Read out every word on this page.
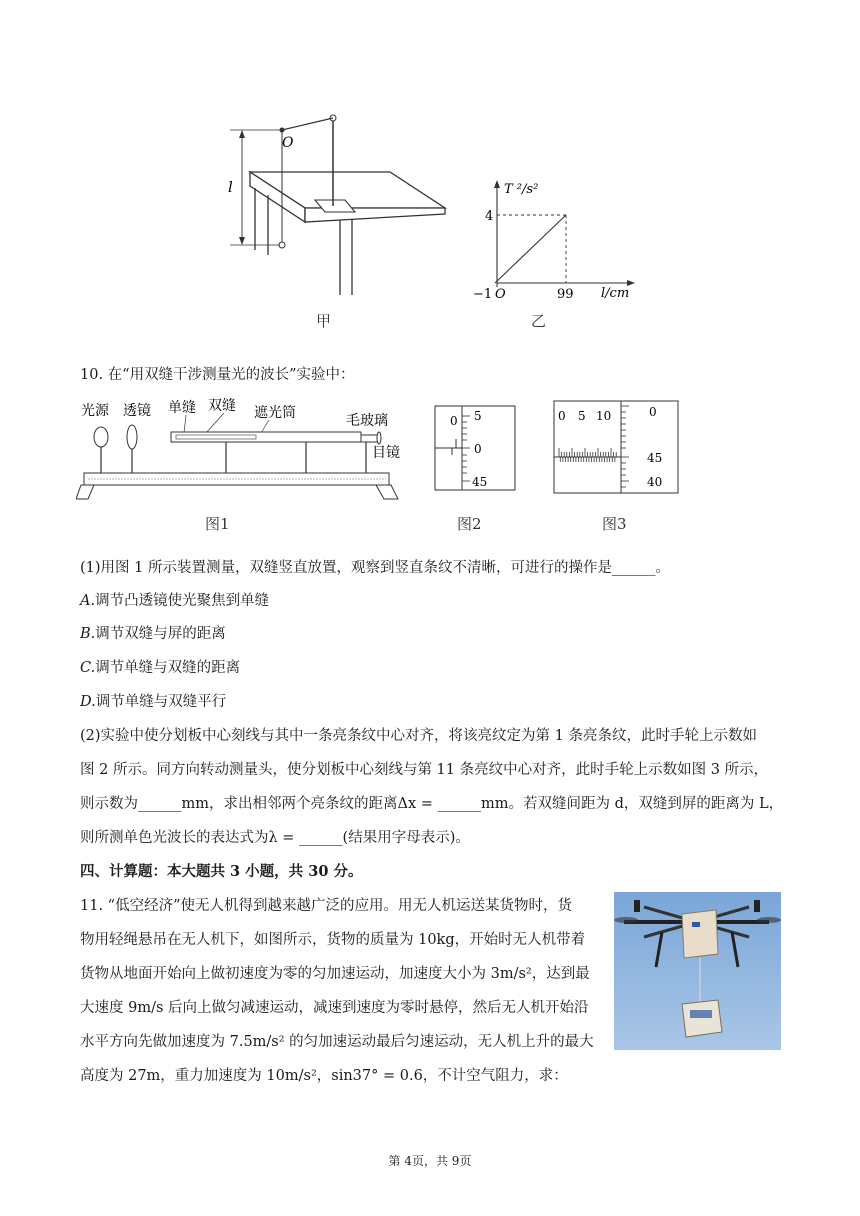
l
O
甲
T ²/s²
4
99
−1 O	l/cm
乙
10. 在“用双缝干涉测量光的波长”实验中：
光源 透镜 单缝 双缝 遮光筒	毛玻璃
目镜
图1
0 5
0
45
图2
0 5 10	0
45
40
图3
(1)用图 1 所示装置测量，双缝竖直放置，观察到竖直条纹不清晰，可进行的操作是______。
A.调节凸透镜使光聚焦到单缝
B.调节双缝与屏的距离
C.调节单缝与双缝的距离
D.调节单缝与双缝平行
(2)实验中使分划板中心刻线与其中一条亮条纹中心对齐，将该亮纹定为第 1 条亮条纹，此时手轮上示数如
图 2 所示。同方向转动测量头，使分划板中心刻线与第 11 条亮纹中心对齐，此时手轮上示数如图 3 所示，
则示数为______mm，求出相邻两个亮条纹的距离Δx = ______mm。若双缝间距为 d，双缝到屏的距离为 L，
则所测单色光波长的表达式为λ = ______(结果用字母表示)。
四、计算题：本大题共 3 小题，共 30 分。
11. “低空经济”使无人机得到越来越广泛的应用。用无人机运送某货物时，货
物用轻绳悬吊在无人机下，如图所示，货物的质量为 10kg，开始时无人机带着
货物从地面开始向上做初速度为零的匀加速运动，加速度大小为 3m/s²，达到最
大速度 9m/s 后向上做匀减速运动，减速到速度为零时悬停，然后无人机开始沿
水平方向先做加速度为 7.5m/s² 的匀加速运动最后匀速运动，无人机上升的最大
高度为 27m，重力加速度为 10m/s²，sin37° = 0.6，不计空气阻力，求：
第 4页，共 9页
